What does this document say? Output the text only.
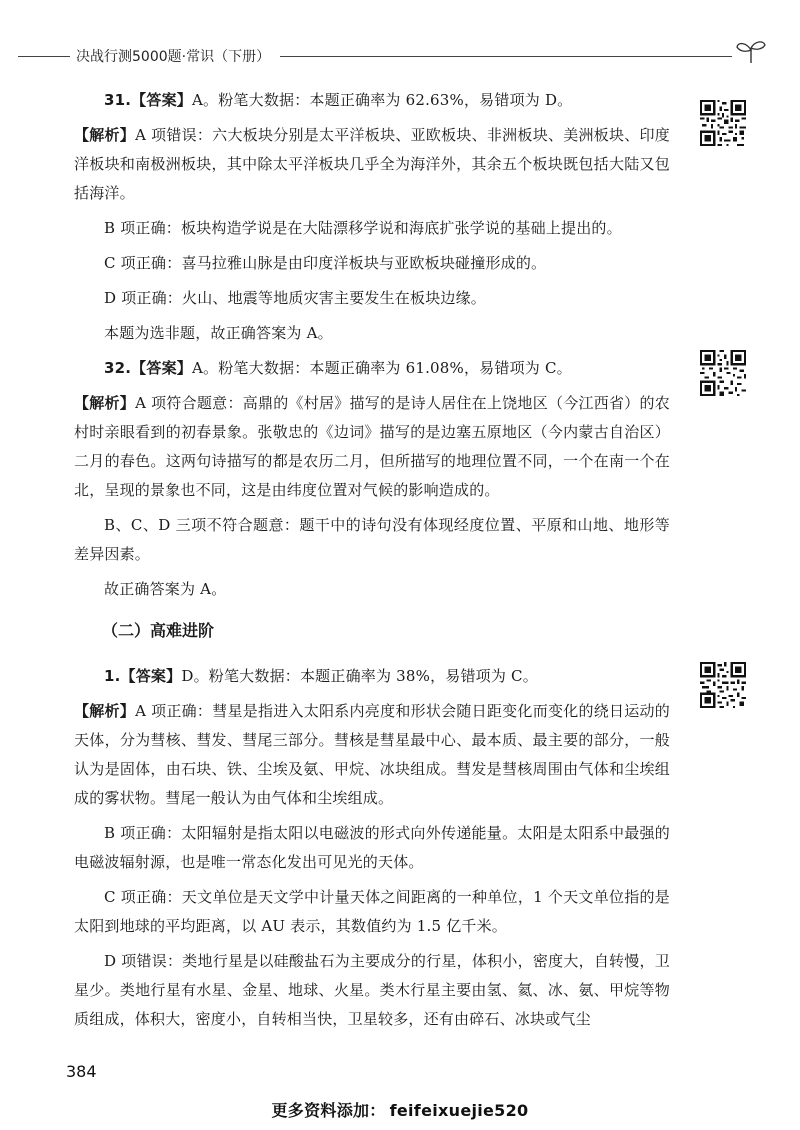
决战行测5000题·常识（下册）

31.【答案】A。粉笔大数据：本题正确率为 62.63%，易错项为 D。

【解析】A 项错误：六大板块分别是太平洋板块、亚欧板块、非洲板块、美洲板块、印度洋板块和南极洲板块，其中除太平洋板块几乎全为海洋外，其余五个板块既包括大陆又包括海洋。

B 项正确：板块构造学说是在大陆漂移学说和海底扩张学说的基础上提出的。

C 项正确：喜马拉雅山脉是由印度洋板块与亚欧板块碰撞形成的。

D 项正确：火山、地震等地质灾害主要发生在板块边缘。

本题为选非题，故正确答案为 A。

32.【答案】A。粉笔大数据：本题正确率为 61.08%，易错项为 C。

【解析】A 项符合题意：高鼎的《村居》描写的是诗人居住在上饶地区（今江西省）的农村时亲眼看到的初春景象。张敬忠的《边词》描写的是边塞五原地区（今内蒙古自治区）二月的春色。这两句诗描写的都是农历二月，但所描写的地理位置不同，一个在南一个在北，呈现的景象也不同，这是由纬度位置对气候的影响造成的。

B、C、D 三项不符合题意：题干中的诗句没有体现经度位置、平原和山地、地形等差异因素。

故正确答案为 A。

（二）高难进阶

1.【答案】D。粉笔大数据：本题正确率为 38%，易错项为 C。

【解析】A 项正确：彗星是指进入太阳系内亮度和形状会随日距变化而变化的绕日运动的天体，分为彗核、彗发、彗尾三部分。彗核是彗星最中心、最本质、最主要的部分，一般认为是固体，由石块、铁、尘埃及氨、甲烷、冰块组成。彗发是彗核周围由气体和尘埃组成的雾状物。彗尾一般认为由气体和尘埃组成。

B 项正确：太阳辐射是指太阳以电磁波的形式向外传递能量。太阳是太阳系中最强的电磁波辐射源，也是唯一常态化发出可见光的天体。

C 项正确：天文单位是天文学中计量天体之间距离的一种单位，1 个天文单位指的是太阳到地球的平均距离，以 AU 表示，其数值约为 1.5 亿千米。

D 项错误：类地行星是以硅酸盐石为主要成分的行星，体积小，密度大，自转慢，卫星少。类地行星有水星、金星、地球、火星。类木行星主要由氢、氦、冰、氨、甲烷等物质组成，体积大，密度小，自转相当快，卫星较多，还有由碎石、冰块或气尘

384
更多资料添加： feifeixuejie520
